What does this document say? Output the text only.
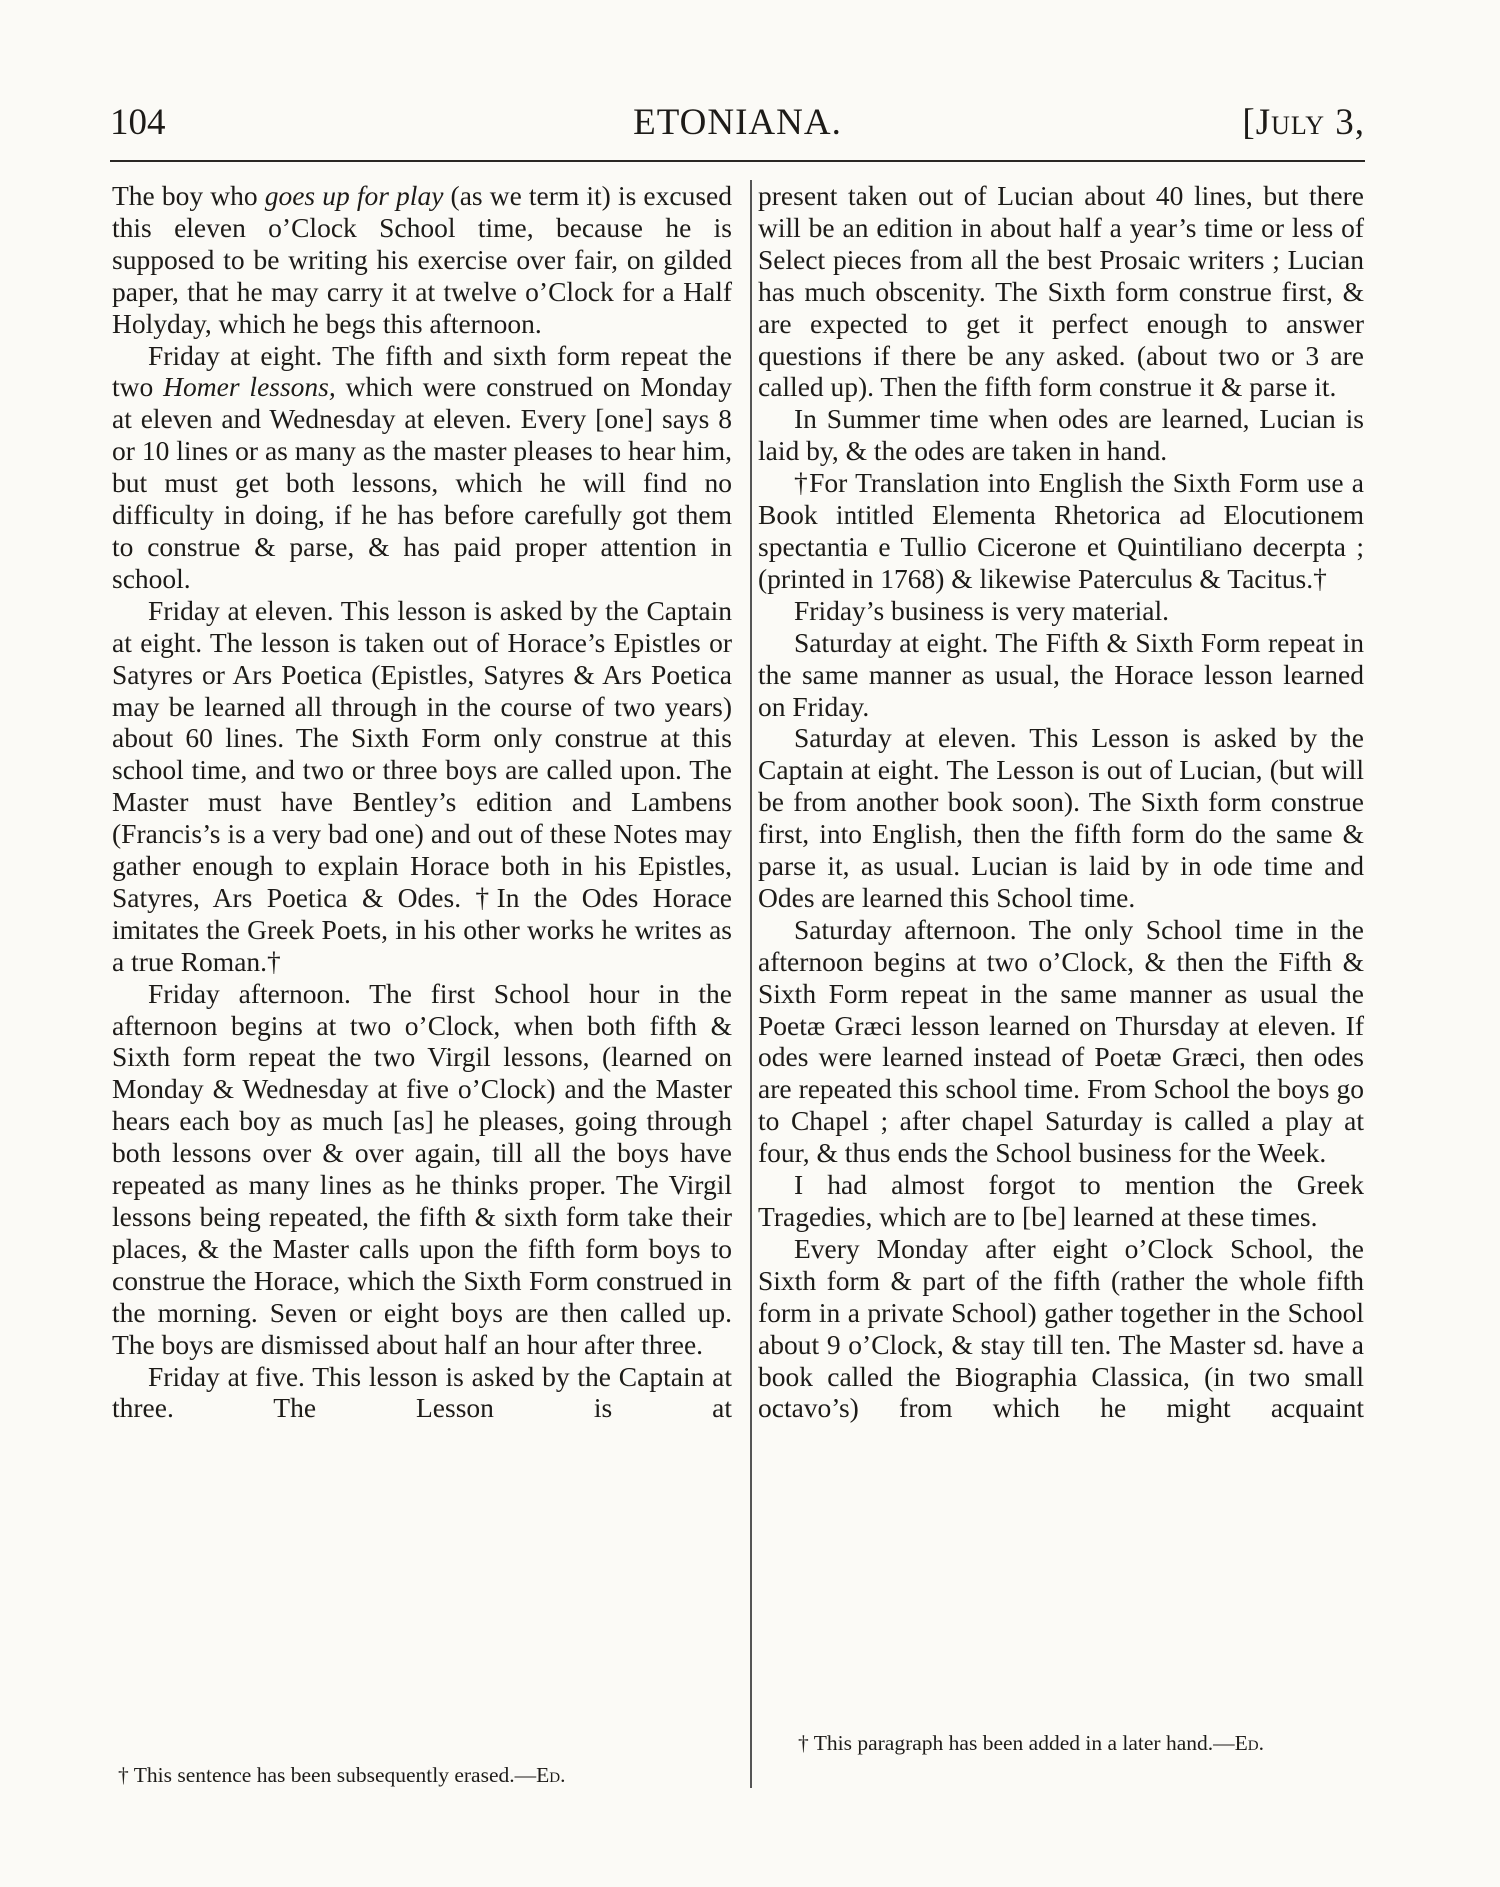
ETONIANA.
104	[July 3,

The boy who goes up for play (as we term it) is excused this eleven o’Clock School time, because he is supposed to be writing his exercise over fair, on gilded paper, that he may carry it at twelve o’Clock for a Half Holyday, which he begs this afternoon.

Friday at eight. The fifth and sixth form repeat the two Homer lessons, which were construed on Monday at eleven and Wednesday at eleven. Every [one] says 8 or 10 lines or as many as the master pleases to hear him, but must get both lessons, which he will find no difficulty in doing, if he has before carefully got them to construe & parse, & has paid proper attention in school.

Friday at eleven. This lesson is asked by the Captain at eight. The lesson is taken out of Horace’s Epistles or Satyres or Ars Poetica (Epistles, Satyres & Ars Poetica may be learned all through in the course of two years) about 60 lines. The Sixth Form only construe at this school time, and two or three boys are called upon. The Master must have Bentley’s edition and Lambens (Francis’s is a very bad one) and out of these Notes may gather enough to explain Horace both in his Epistles, Satyres, Ars Poetica & Odes. †In the Odes Horace imitates the Greek Poets, in his other works he writes as a true Roman.†

Friday afternoon. The first School hour in the afternoon begins at two o’Clock, when both fifth & Sixth form repeat the two Virgil lessons, (learned on Monday & Wednesday at five o’Clock) and the Master hears each boy as much [as] he pleases, going through both lessons over & over again, till all the boys have repeated as many lines as he thinks proper. The Virgil lessons being repeated, the fifth & sixth form take their places, & the Master calls upon the fifth form boys to construe the Horace, which the Sixth Form construed in the morning. Seven or eight boys are then called up. The boys are dismissed about half an hour after three.

Friday at five. This lesson is asked by the Captain at three. The Lesson is at

present taken out of Lucian about 40 lines, but there will be an edition in about half a year’s time or less of Select pieces from all the best Prosaic writers ; Lucian has much obscenity. The Sixth form construe first, & are expected to get it perfect enough to answer questions if there be any asked. (about two or 3 are called up). Then the fifth form construe it & parse it.

In Summer time when odes are learned, Lucian is laid by, & the odes are taken in hand.

†For Translation into English the Sixth Form use a Book intitled Elementa Rhetorica ad Elocutionem spectantia e Tullio Cicerone et Quintiliano decerpta ; (printed in 1768) & likewise Paterculus & Tacitus.†

Friday’s business is very material.

Saturday at eight. The Fifth & Sixth Form repeat in the same manner as usual, the Horace lesson learned on Friday.

Saturday at eleven. This Lesson is asked by the Captain at eight. The Lesson is out of Lucian, (but will be from another book soon). The Sixth form construe first, into English, then the fifth form do the same & parse it, as usual. Lucian is laid by in ode time and Odes are learned this School time.

Saturday afternoon. The only School time in the afternoon begins at two o’Clock, & then the Fifth & Sixth Form repeat in the same manner as usual the Poetæ Græci lesson learned on Thursday at eleven. If odes were learned instead of Poetæ Græci, then odes are repeated this school time. From School the boys go to Chapel ; after chapel Saturday is called a play at four, & thus ends the School business for the Week.

I had almost forgot to mention the Greek Tragedies, which are to [be] learned at these times.

Every Monday after eight o’Clock School, the Sixth form & part of the fifth (rather the whole fifth form in a private School) gather together in the School about 9 o’Clock, & stay till ten. The Master sd. have a book called the Biographia Classica, (in two small octavo’s) from which he might acquaint

† This sentence has been subsequently erased.—Ed.
† This paragraph has been added in a later hand.—Ed.
